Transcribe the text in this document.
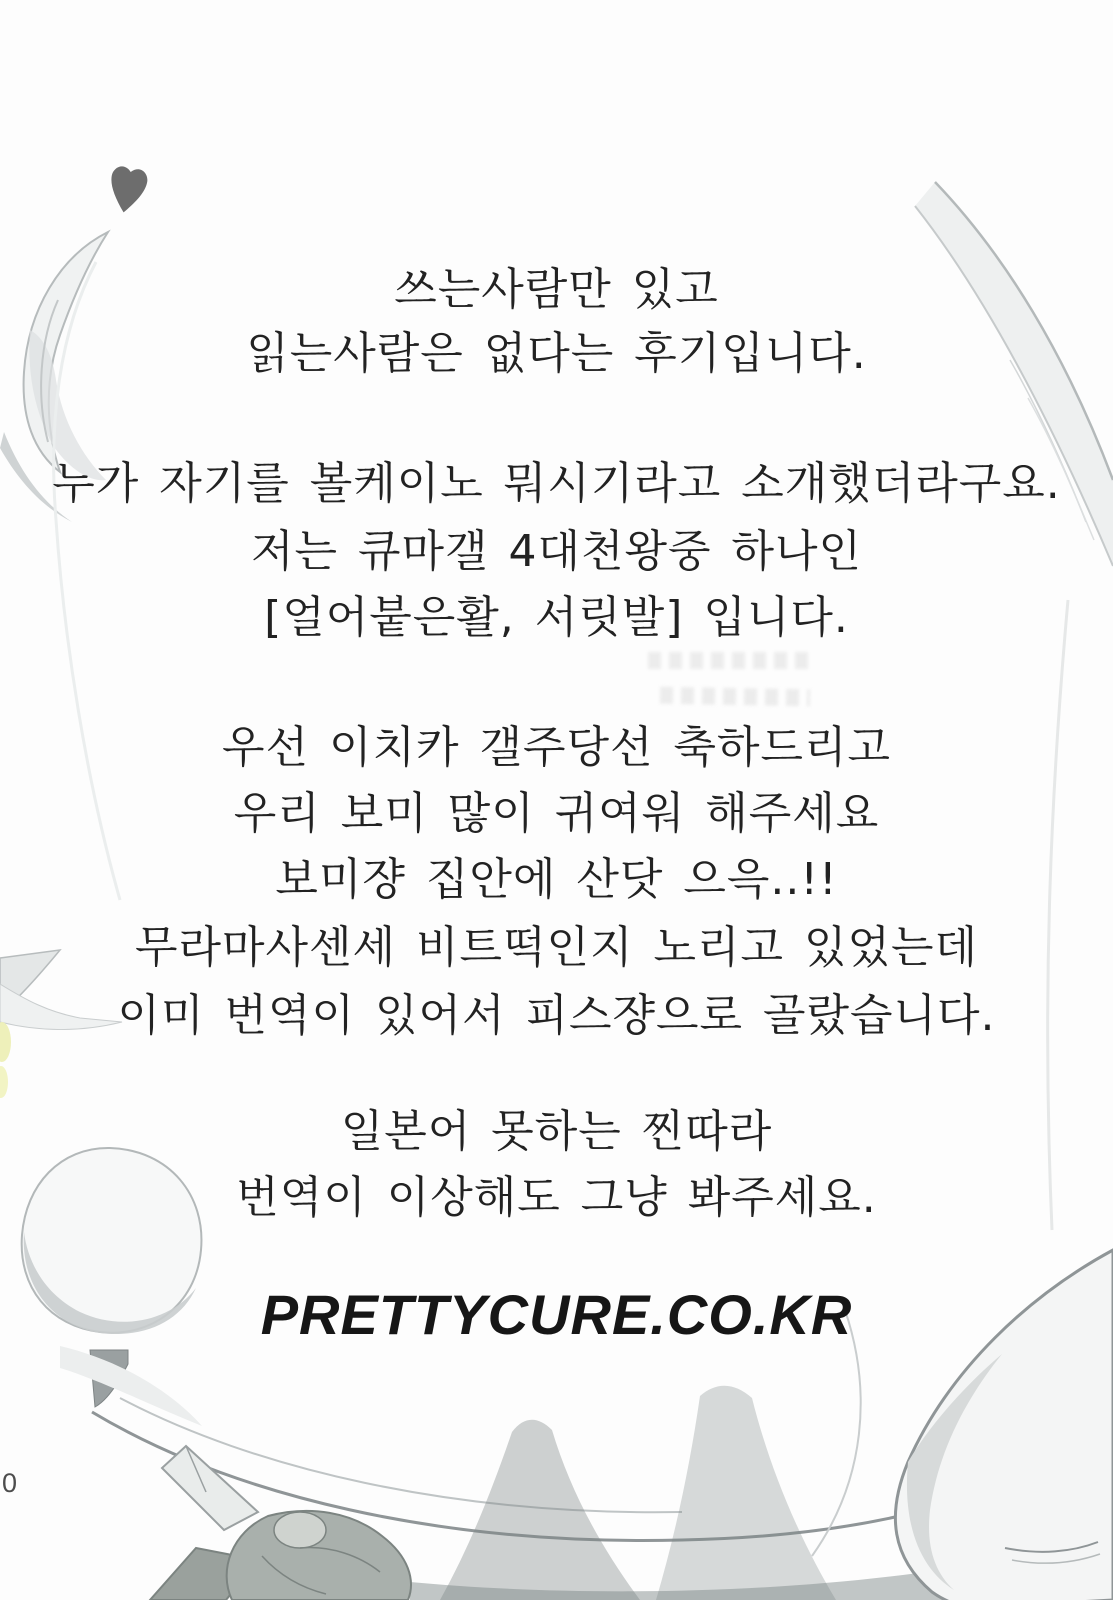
쓰는사람만 있고
읽는사람은 없다는 후기입니다.
누가 자기를 볼케이노 뭐시기라고 소개했더라구요.
저는 큐마갤 4대천왕중 하나인
[얼어붙은활, 서릿발] 입니다.
우선 이치카 갤주당선 축하드리고
우리 보미 많이 귀여워 해주세요
보미쟝 집안에 산닷 으윽..!!
무라마사센세 비트떡인지 노리고 있었는데
이미 번역이 있어서 피스쟝으로 골랐습니다.
일본어 못하는 찐따라
번역이 이상해도 그냥 봐주세요.
PRETTYCURE.CO.KR
0
